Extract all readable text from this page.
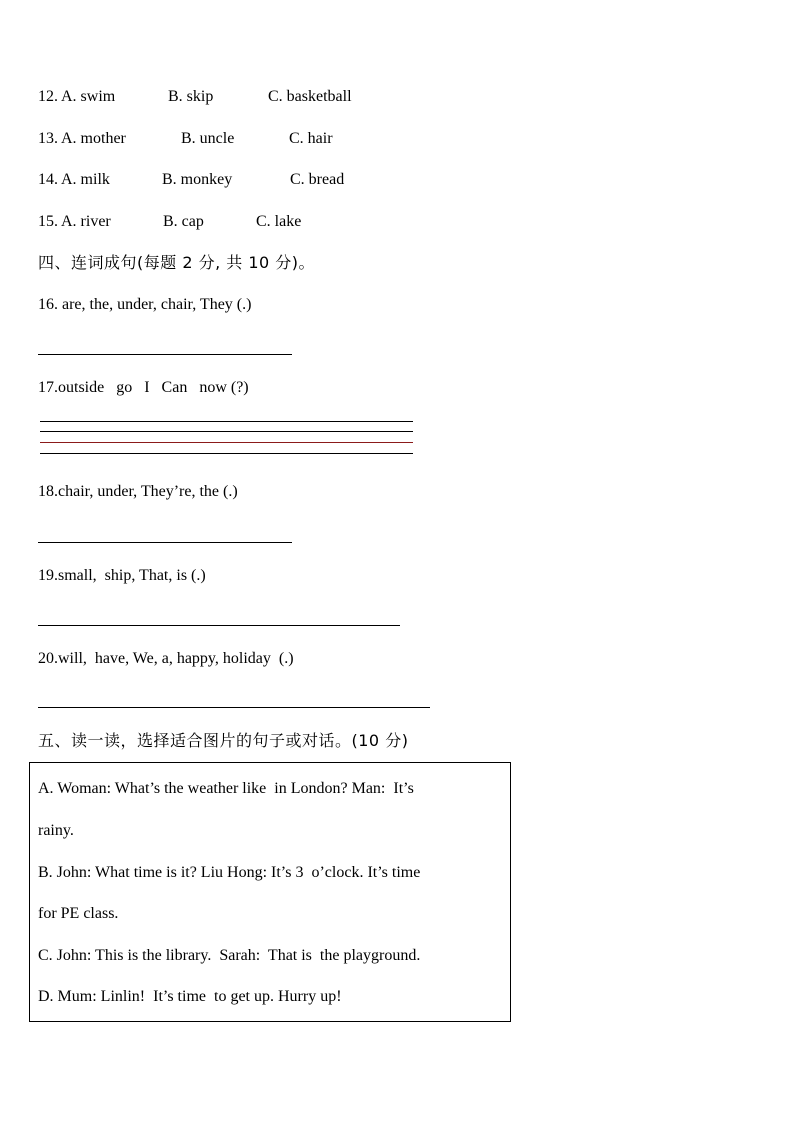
12. A. swim	B. skip	C. basketball
13. A. mother	B. uncle	C. hair
14. A. milk	B. monkey	C. bread
15. A. river	B. cap	C. lake
四、连词成句(每题 2 分, 共 10 分)。
16. are, the, under, chair, They (.)
17.outside   go   I   Can   now (?)
18.chair, under, They’re, the (.)
19.small,  ship, That, is (.)
20.will,  have, We, a, happy, holiday  (.)
五、读一读，选择适合图片的句子或对话。(10 分)
A. Woman: What’s the weather like  in London? Man:  It’s
rainy.
B. John: What time is it? Liu Hong: It’s 3  o’clock. It’s time
for PE class.
C. John: This is the library.  Sarah:  That is  the playground.
D. Mum: Linlin!  It’s time  to get up. Hurry up!
